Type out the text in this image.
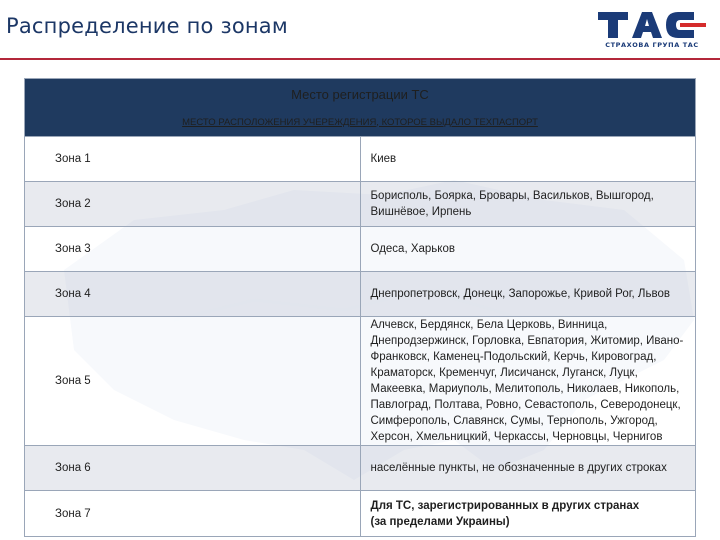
Распределение по зонам
СТРАХОВА ГРУПА ТАС
Место регистрации ТС
МЕСТО РАСПОЛОЖЕНИЯ УЧЕРЕЖДЕНИЯ, КОТОРОЕ ВЫДАЛО ТЕХПАСПОРТ	

Зона 1	Киев
Зона 2	Борисполь, Боярка, Бровары, Васильков, Вышгород, Вишнёвое, Ирпень
Зона 3	Одеса, Харьков
Зона 4	Днепропетровск, Донецк, Запорожье, Кривой Рог, Львов
Зона 5	Алчевск, Бердянск, Бела Церковь, Винница, Днепродзержинск, Горловка, Евпатория, Житомир, Ивано-Франковск, Каменец-Подольский, Керчь, Кировоград, Краматорск, Кременчуг, Лисичанск, Луганск, Луцк, Макеевка, Мариуполь, Мелитополь, Николаев, Никополь, Павлоград, Полтава, Ровно, Севастополь, Северодонецк, Симферополь, Славянск, Сумы, Тернополь, Ужгород, Херсон, Хмельницкий, Черкассы, Черновцы, Чернигов
Зона 6	населённые пункты, не обозначенные в других строках
Зона 7	Для ТС, зарегистрированных в других странах
(за пределами Украины)
